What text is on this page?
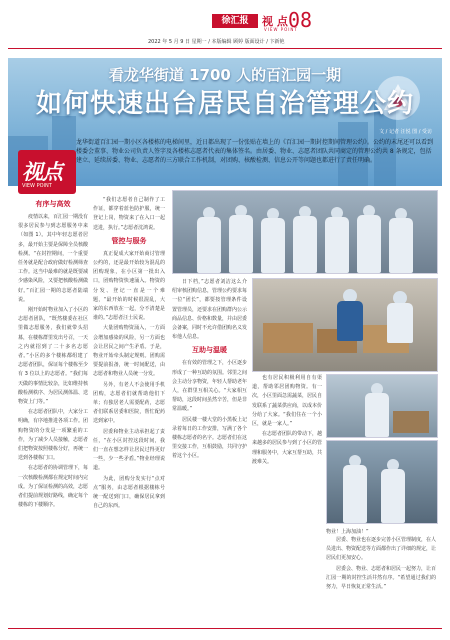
徐汇报	视 点
VIEW POINT
08
2022 年 5 月 9 日 星期一 / 本版编辑 顾婷 版面设计 / 卞新艳
看龙华街道 1700 人的百汇园一期
如何快速出台居民自治管理公约
文 / 记者 汪悦 图 / 受访
龙华街道百汇园一期小区各楼栋的电梯间里，近日都出现了一份张贴在墙上的《百汇园一期封控期间管理公约》。公约的末尾还可以看到楼委会董事、物业公司负责人签字及各楼栋志愿者代表的集体签名。由居委、物业、志愿者团队共同商定的管理公约共 8 条规定，包括建立、延续居委、物业、志愿者的三方联合工作机制，对团购、核酸检测、信息公开等问题也都进行了责任明确。
视点
VIEW POINT
有序与高效

疫情以来，百汇园一期没有很多居民参与到志愿服务中来（如图 1）。其中年轻志愿者居多，最开始主要是保障全员核酸检测。“在封控期间，一个重要任务就是配合政府做好检测筛查工作。这当中最难的就是既要减少感染风险，又要把核酸检测做好。”百汇园一期的志愿者陆端说。

刚开始时物业加入了小区的志愿者团队，“既然楼委在社区里做志愿服务，我们就带头招募，在楼栋群里发出号召，一天之内就招到了二十多名志愿者。”小区的多个楼栋都组建了志愿者团队，保证每个楼栋至少有 3 位以上的志愿者。“我们每天做的事情比较杂，比如维持核酸检测秩序、为居民测体温、送物资上门等。”

在志愿者团队中，大家分工明确，有序地推进各项工作。团购物资的分发是一项繁重的工作，为了减少人员接触，志愿者们把物资按照楼栋分好，再统一送到各楼栋门口。

在志愿者的协调管理下，每一次核酸检测都在规定时间内完成。为了保证检测的高效，志愿者们提前规划好路线，确定每个楼栋的下楼顺序。

“我们志愿者自己制作了工作证，都穿着蓝色防护服，统一登记上岗，物资来了在入口一起送进，执行。”志愿者沈鸿说。

管控与服务

真正促成大家开始商讨管理公约的，还是最开始较为混乱的团购现象，在小区第一批出入口，团购物资快速涌入。物资的分发、登记一直是一个难题，“最开始的时候很混乱，大家的东西放在一起，分不清楚是谁的。”志愿者汪士民说。

大量团购物资涌入，一方面会增加感染的风险，另一方面也会让居民之间产生矛盾。于是，物业开始牵头制定规则。团购需要提前报备，统一时间配送，由志愿者和物业人员统一分发。

另外，有老人不会使用手机团购，志愿者们就帮助他们下单；有独居老人需要配药，志愿者们联系居委和医院，帮忙配药送到家中。

居委和物业主动承担起了责任，“在小区封控这段时间，我们一直在想怎样让居民过得更好一些，少一些矛盾。”物业经理说道。

为此，团购分发实行“点对点”服务，由志愿者根据楼栋号统一配送到门口，确保居民拿到自己的东西。

日下档，”志愿者刘洁这么介绍审核团购信息，管理公约要求每一位“团长”，都要按管理条件设置管理员，还要求在团购群内公示商品信息、价格和数量，并由居委会备案，同时不允许借团购名义发布他人信息。

互助与温暖

在有效的管理之下，小区逐步形成了一种互助的氛围。邻里之间会主动分享物资，年轻人帮助老年人，在群里互相关心。“大家相互帮助，这段时间虽然辛苦，但是非常温暖。”

居民楼一楼大堂的小黑板上记录着每日的工作安排，写满了各个楼栋志愿者的名字。志愿者们在这里交接工作，互相鼓励，共同守护着这个小区。

也有居民积极利用自有渠道，帮助邻居团购物资。有一次，小区里面急需蔬菜，居民自发联系了蔬菜供应商，以成本价分给了大家。“我们住在一个小区，就是一家人。”

在志愿者团队的带动下，越来越多的居民参与到了小区的管理和服务中，大家互帮互助，共渡难关。

物业！上海加油！”

居委、物业也在逐步完善小区管理制度，在人员进出、物资配送等方面都作出了详细的规定，让居民们更加安心。

居委会、物业、志愿者和居民一起努力，让百汇园一期的封控生活井然有序。“希望通过我们的努力，早日恢复正常生活。”
